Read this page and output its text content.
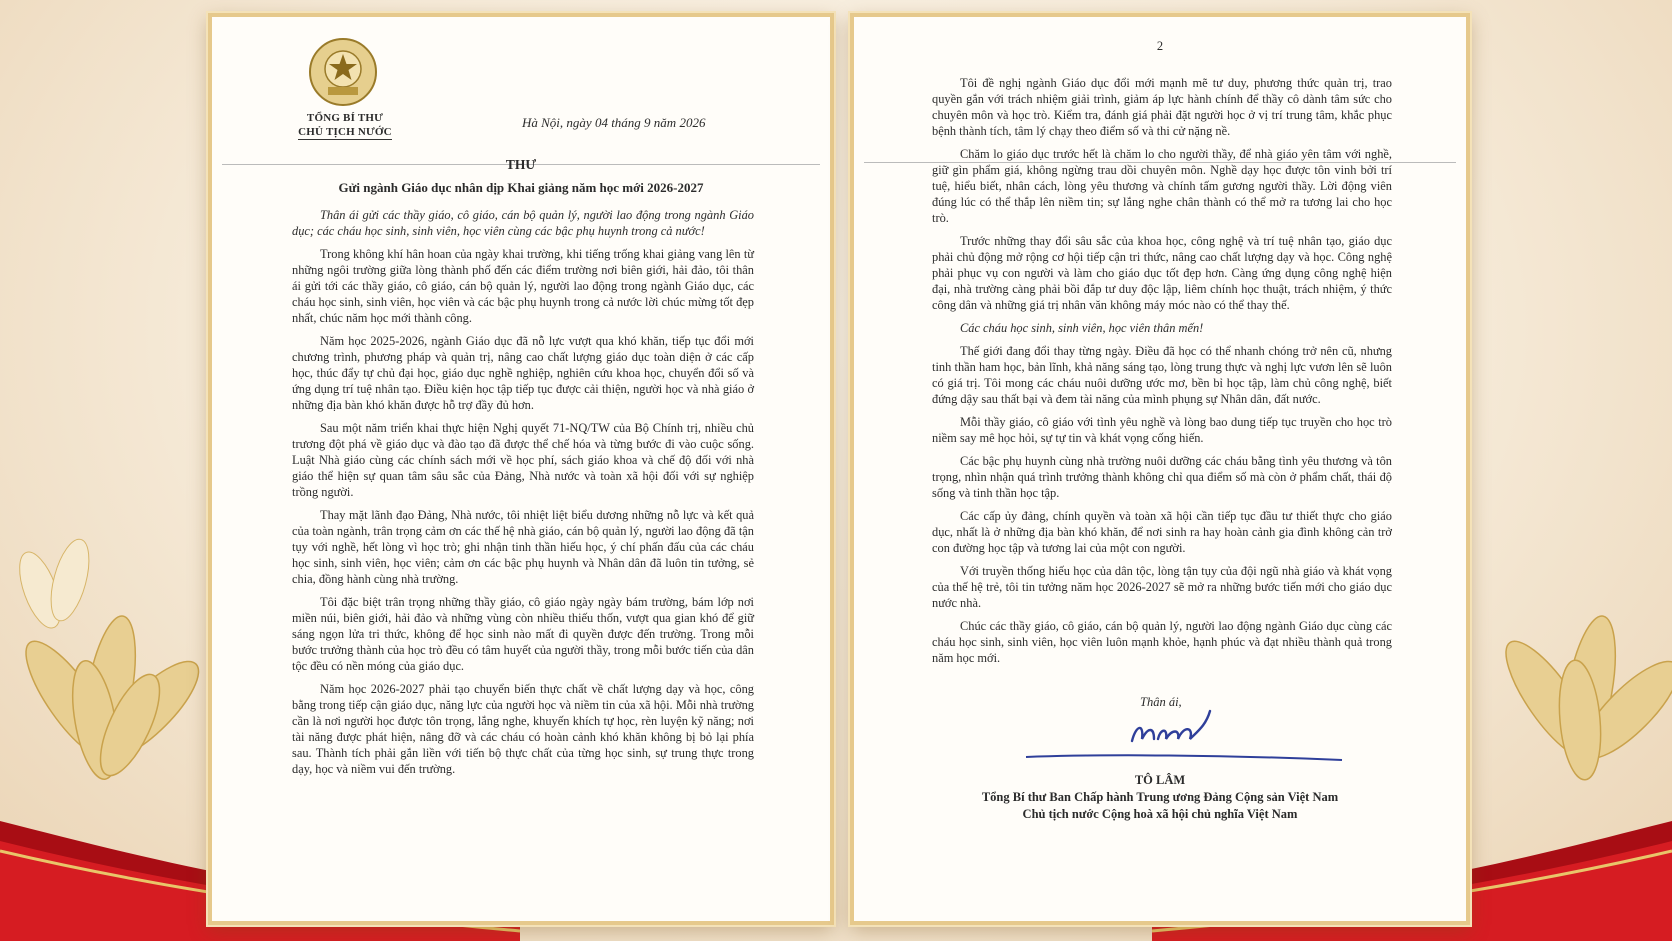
TỔNG BÍ THƯ
CHỦ TỊCH NƯỚC
Hà Nội, ngày 04 tháng 9 năm 2026
THƯ
Gửi ngành Giáo dục nhân dịp Khai giảng năm học mới 2026-2027

Thân ái gửi các thầy giáo, cô giáo, cán bộ quản lý, người lao động trong ngành Giáo dục; các cháu học sinh, sinh viên, học viên cùng các bậc phụ huynh trong cả nước!

Trong không khí hân hoan của ngày khai trường, khi tiếng trống khai giảng vang lên từ những ngôi trường giữa lòng thành phố đến các điểm trường nơi biên giới, hải đảo, tôi thân ái gửi tới các thầy giáo, cô giáo, cán bộ quản lý, người lao động trong ngành Giáo dục, các cháu học sinh, sinh viên, học viên và các bậc phụ huynh trong cả nước lời chúc mừng tốt đẹp nhất, chúc năm học mới thành công.

Năm học 2025-2026, ngành Giáo dục đã nỗ lực vượt qua khó khăn, tiếp tục đổi mới chương trình, phương pháp và quản trị, nâng cao chất lượng giáo dục toàn diện ở các cấp học, thúc đẩy tự chủ đại học, giáo dục nghề nghiệp, nghiên cứu khoa học, chuyển đổi số và ứng dụng trí tuệ nhân tạo. Điều kiện học tập tiếp tục được cải thiện, người học và nhà giáo ở những địa bàn khó khăn được hỗ trợ đầy đủ hơn.

Sau một năm triển khai thực hiện Nghị quyết 71-NQ/TW của Bộ Chính trị, nhiều chủ trương đột phá về giáo dục và đào tạo đã được thể chế hóa và từng bước đi vào cuộc sống. Luật Nhà giáo cùng các chính sách mới về học phí, sách giáo khoa và chế độ đối với nhà giáo thể hiện sự quan tâm sâu sắc của Đảng, Nhà nước và toàn xã hội đối với sự nghiệp trồng người.

Thay mặt lãnh đạo Đảng, Nhà nước, tôi nhiệt liệt biểu dương những nỗ lực và kết quả của toàn ngành, trân trọng cảm ơn các thế hệ nhà giáo, cán bộ quản lý, người lao động đã tận tụy với nghề, hết lòng vì học trò; ghi nhận tinh thần hiếu học, ý chí phấn đấu của các cháu học sinh, sinh viên, học viên; cảm ơn các bậc phụ huynh và Nhân dân đã luôn tin tưởng, sẻ chia, đồng hành cùng nhà trường.

Tôi đặc biệt trân trọng những thầy giáo, cô giáo ngày ngày bám trường, bám lớp nơi miền núi, biên giới, hải đảo và những vùng còn nhiều thiếu thốn, vượt qua gian khó để giữ sáng ngọn lửa tri thức, không để học sinh nào mất đi quyền được đến trường. Trong mỗi bước trưởng thành của học trò đều có tâm huyết của người thầy, trong mỗi bước tiến của dân tộc đều có nền móng của giáo dục.

Năm học 2026-2027 phải tạo chuyển biến thực chất về chất lượng dạy và học, công bằng trong tiếp cận giáo dục, năng lực của người học và niềm tin của xã hội. Mỗi nhà trường cần là nơi người học được tôn trọng, lắng nghe, khuyến khích tự học, rèn luyện kỹ năng; nơi tài năng được phát hiện, nâng đỡ và các cháu có hoàn cảnh khó khăn không bị bỏ lại phía sau. Thành tích phải gắn liền với tiến bộ thực chất của từng học sinh, sự trung thực trong dạy, học và niềm vui đến trường.

2

Tôi đề nghị ngành Giáo dục đổi mới mạnh mẽ tư duy, phương thức quản trị, trao quyền gắn với trách nhiệm giải trình, giảm áp lực hành chính để thầy cô dành tâm sức cho chuyên môn và học trò. Kiểm tra, đánh giá phải đặt người học ở vị trí trung tâm, khắc phục bệnh thành tích, tâm lý chạy theo điểm số và thi cử nặng nề.

Chăm lo giáo dục trước hết là chăm lo cho người thầy, để nhà giáo yên tâm với nghề, giữ gìn phẩm giá, không ngừng trau dồi chuyên môn. Nghề dạy học được tôn vinh bởi trí tuệ, hiểu biết, nhân cách, lòng yêu thương và chính tấm gương người thầy. Lời động viên đúng lúc có thể thắp lên niềm tin; sự lắng nghe chân thành có thể mở ra tương lai cho học trò.

Trước những thay đổi sâu sắc của khoa học, công nghệ và trí tuệ nhân tạo, giáo dục phải chủ động mở rộng cơ hội tiếp cận tri thức, nâng cao chất lượng dạy và học. Công nghệ phải phục vụ con người và làm cho giáo dục tốt đẹp hơn. Càng ứng dụng công nghệ hiện đại, nhà trường càng phải bồi đắp tư duy độc lập, liêm chính học thuật, trách nhiệm, ý thức công dân và những giá trị nhân văn không máy móc nào có thể thay thế.

Các cháu học sinh, sinh viên, học viên thân mến!

Thế giới đang đổi thay từng ngày. Điều đã học có thể nhanh chóng trở nên cũ, nhưng tinh thần ham học, bản lĩnh, khả năng sáng tạo, lòng trung thực và nghị lực vươn lên sẽ luôn có giá trị. Tôi mong các cháu nuôi dưỡng ước mơ, bền bỉ học tập, làm chủ công nghệ, biết đứng dậy sau thất bại và đem tài năng của mình phụng sự Nhân dân, đất nước.

Mỗi thầy giáo, cô giáo với tình yêu nghề và lòng bao dung tiếp tục truyền cho học trò niềm say mê học hỏi, sự tự tin và khát vọng cống hiến.

Các bậc phụ huynh cùng nhà trường nuôi dưỡng các cháu bằng tình yêu thương và tôn trọng, nhìn nhận quá trình trưởng thành không chỉ qua điểm số mà còn ở phẩm chất, thái độ sống và tinh thần học tập.

Các cấp ủy đảng, chính quyền và toàn xã hội cần tiếp tục đầu tư thiết thực cho giáo dục, nhất là ở những địa bàn khó khăn, để nơi sinh ra hay hoàn cảnh gia đình không cản trở con đường học tập và tương lai của một con người.

Với truyền thống hiếu học của dân tộc, lòng tận tụy của đội ngũ nhà giáo và khát vọng của thế hệ trẻ, tôi tin tưởng năm học 2026-2027 sẽ mở ra những bước tiến mới cho giáo dục nước nhà.

Chúc các thầy giáo, cô giáo, cán bộ quản lý, người lao động ngành Giáo dục cùng các cháu học sinh, sinh viên, học viên luôn mạnh khỏe, hạnh phúc và đạt nhiều thành quả trong năm học mới.

Thân ái,
TÔ LÂM
Tổng Bí thư Ban Chấp hành Trung ương Đảng Cộng sản Việt Nam
Chủ tịch nước Cộng hoà xã hội chủ nghĩa Việt Nam
